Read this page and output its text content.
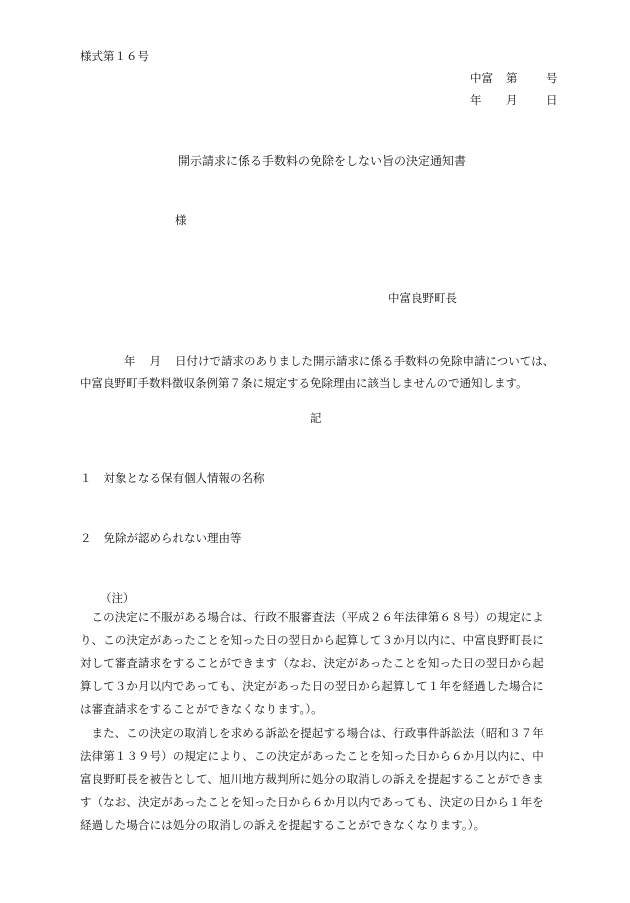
様式第１６号
中富 第 号
年 月 日
開示請求に係る手数料の免除をしない旨の決定通知書
様
中富良野町長
年 月 日付けで請求のありました開示請求に係る手数料の免除申請については、中富良野町手数料徴収条例第７条に規定する免除理由に該当しませんので通知します。
記
１ 対象となる保有個人情報の名称
２ 免除が認められない理由等
（注）
この決定に不服がある場合は、行政不服審査法（平成２６年法律第６８号）の規定により、この決定があったことを知った日の翌日から起算して３か月以内に、中富良野町長に対して審査請求をすることができます（なお、決定があったことを知った日の翌日から起算して３か月以内であっても、決定があった日の翌日から起算して１年を経過した場合には審査請求をすることができなくなります。）。
また、この決定の取消しを求める訴訟を提起する場合は、行政事件訴訟法（昭和３７年法律第１３９号）の規定により、この決定があったことを知った日から６か月以内に、中富良野町長を被告として、旭川地方裁判所に処分の取消しの訴えを提起することができます（なお、決定があったことを知った日から６か月以内であっても、決定の日から１年を経過した場合には処分の取消しの訴えを提起することができなくなります。）。
